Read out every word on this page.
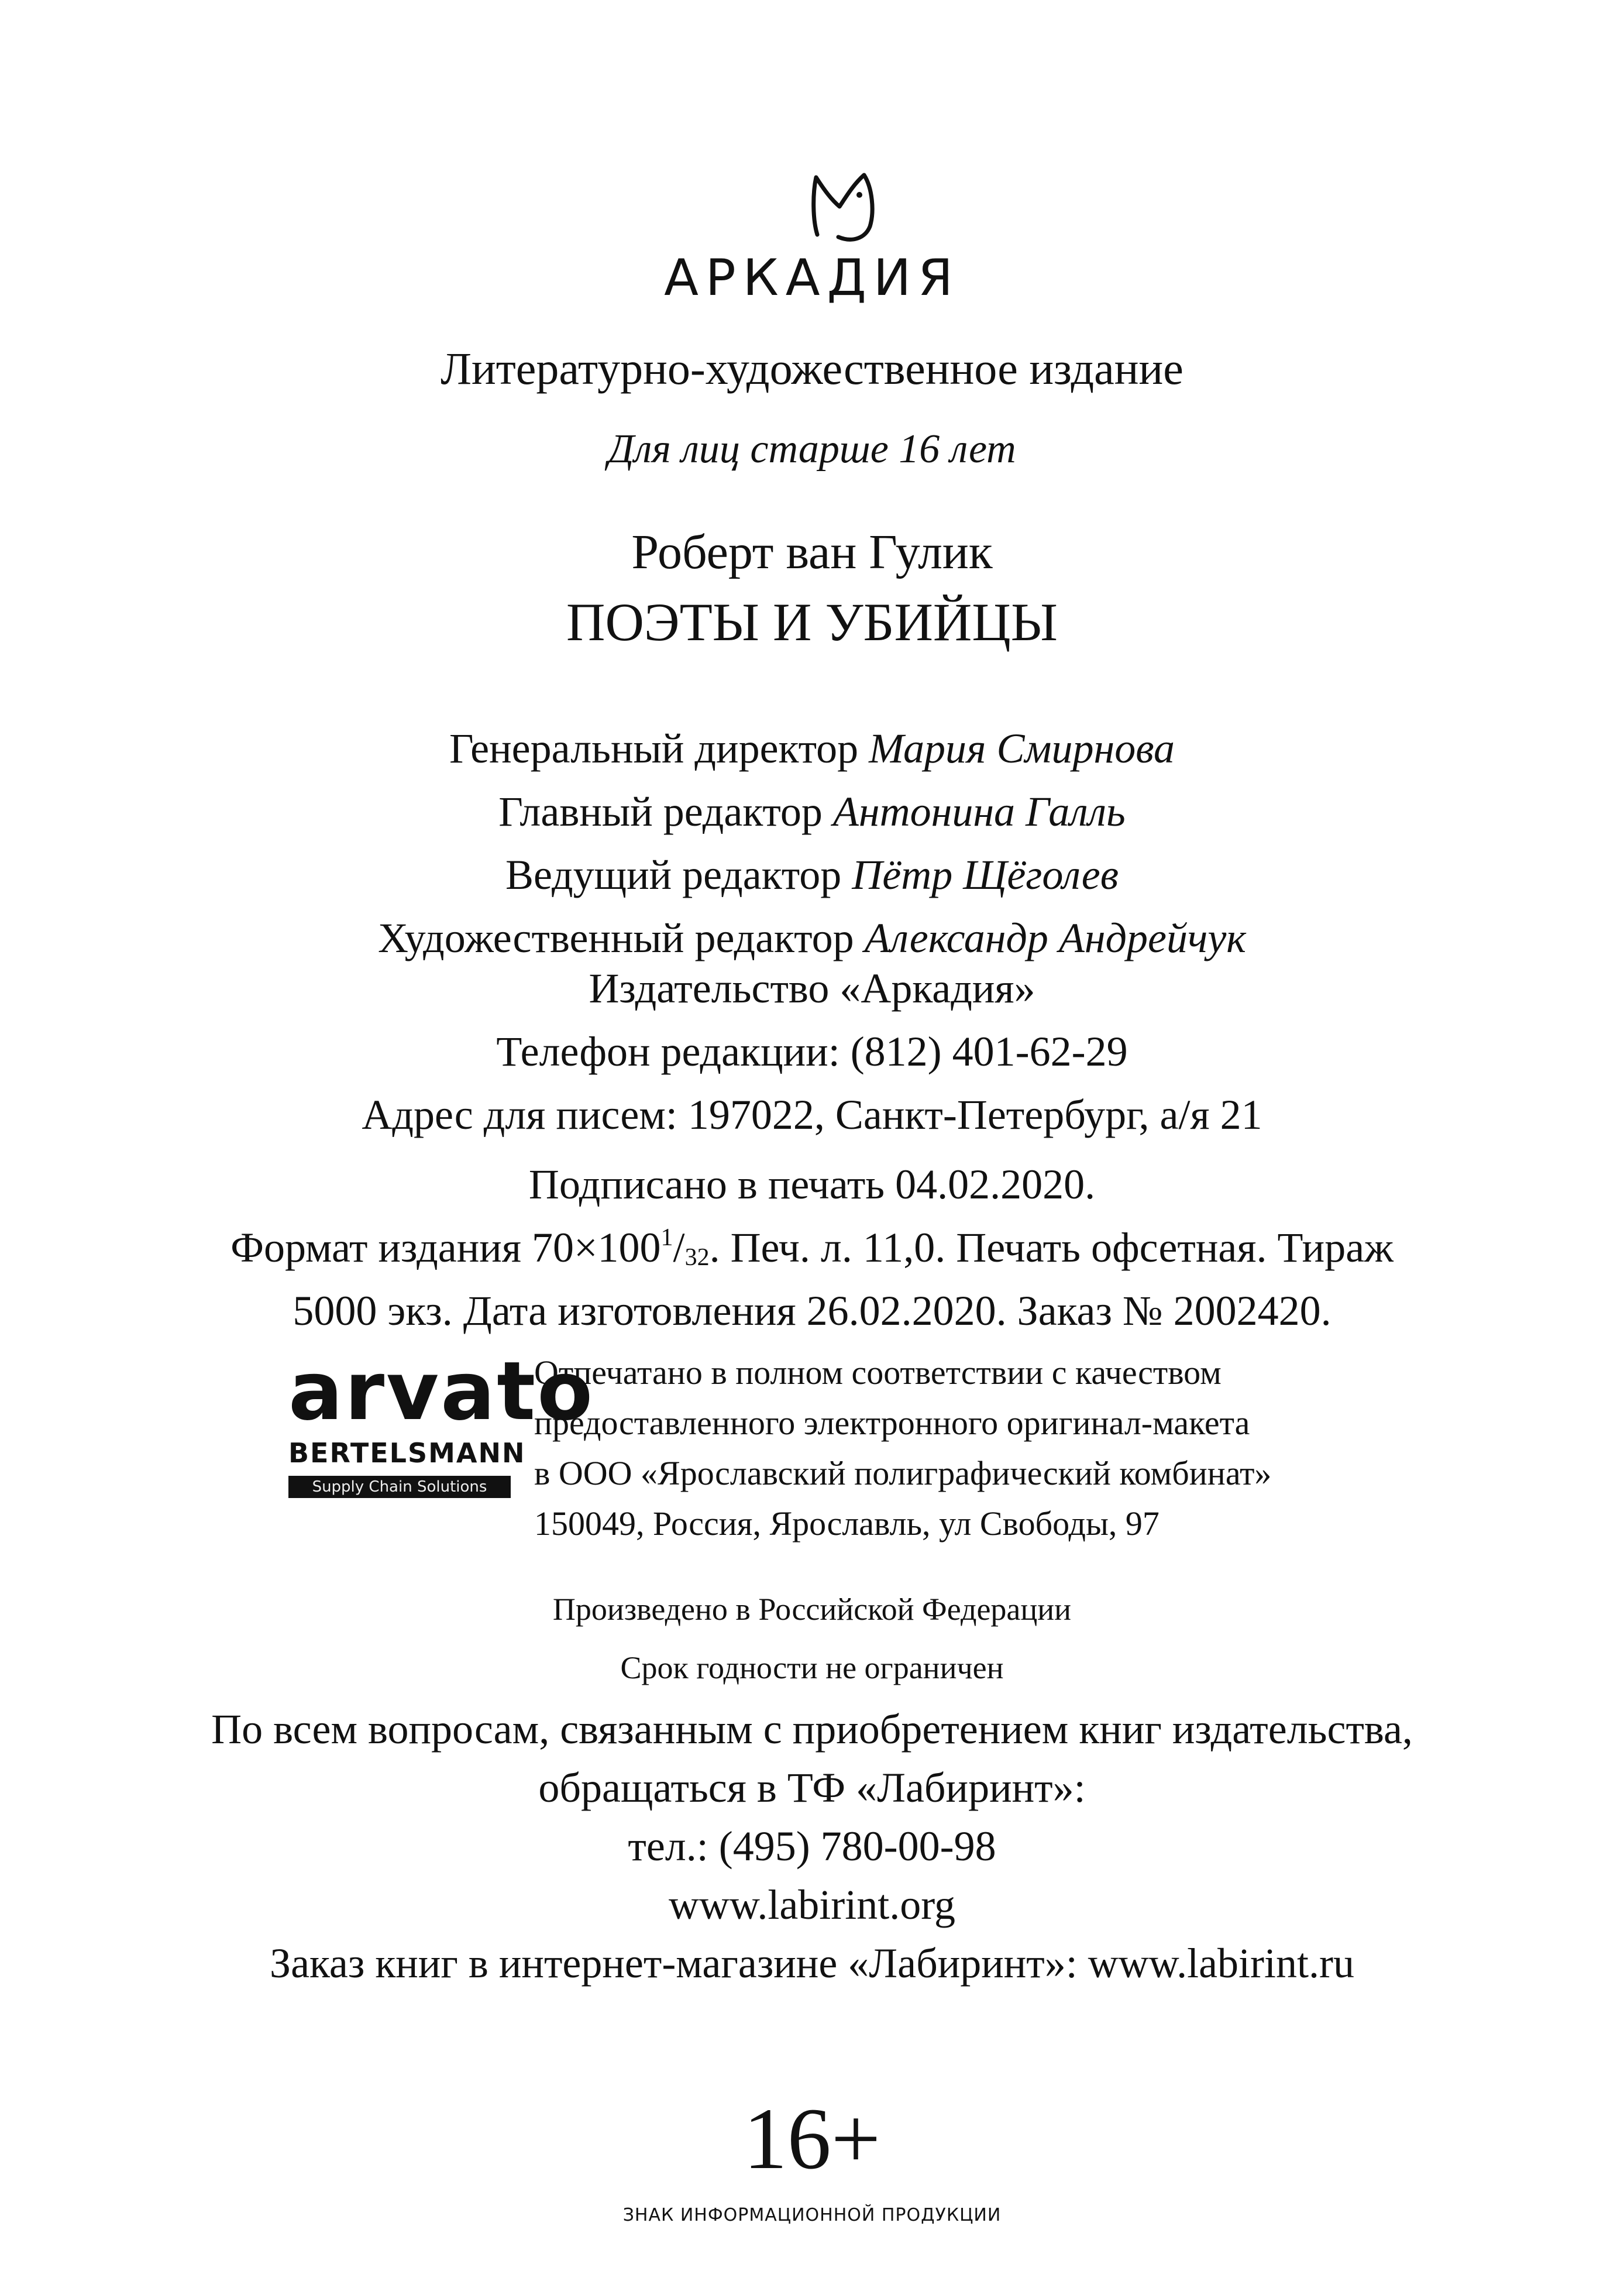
АРКАДИЯ
Литературно-художественное издание
Для лиц старше 16 лет
Роберт ван Гулик
ПОЭТЫ И УБИЙЦЫ
Генеральный директор Мария Смирнова
Главный редактор Антонина Галль
Ведущий редактор Пётр Щёголев
Художественный редактор Александр Андрейчук
Издательство «Аркадия»
Телефон редакции: (812) 401-62-29
Адрес для писем: 197022, Санкт-Петербург, а/я 21
Подписано в печать 04.02.2020.
Формат издания $70\times 100^1/_{32}$. Печ. л. 11,0. Печать офсетная. Тираж
5000 экз. Дата изготовления 26.02.2020. Заказ № 2002420.
arvato
BERTELSMANN
Supply Chain Solutions
Отпечатано в полном соответствии с качеством
предоставленного электронного оригинал-макета
в ООО «Ярославский полиграфический комбинат»
150049, Россия, Ярославль, ул Свободы, 97
Произведено в Российской Федерации
Срок годности не ограничен
По всем вопросам, связанным с приобретением книг издательства,
обращаться в ТФ «Лабиринт»:
тел.: (495) 780-00-98
www.labirint.org
Заказ книг в интернет-магазине «Лабиринт»: www.labirint.ru
16+
ЗНАК ИНФОРМАЦИОННОЙ ПРОДУКЦИИ
